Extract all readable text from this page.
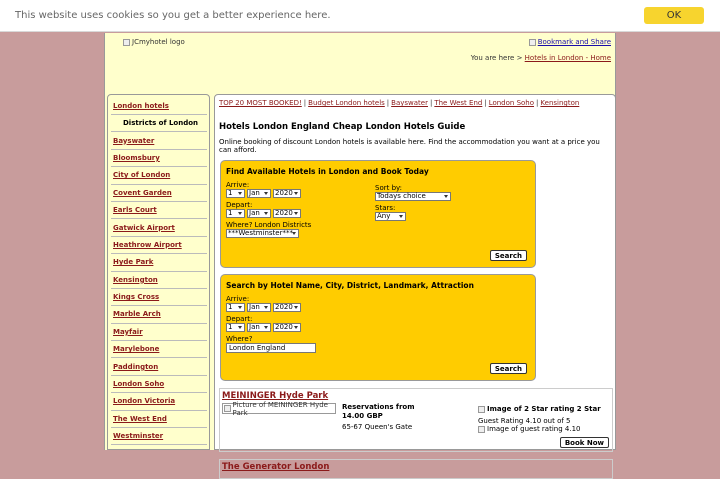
This website uses cookies so you get a better experience here.	OK
JCmyhotel logo	Bookmark and Share
You are here > Hotels in London - Home
London hotels
Districts of London
Bayswater
Bloomsbury
City of London
Covent Garden
Earls Court
Gatwick Airport
Heathrow Airport
Hyde Park
Kensington
Kings Cross
Marble Arch
Mayfair
Marylebone
Paddington
London Soho
London Victoria
The West End
Westminster
TOP 20 MOST BOOKED! | Budget London hotels | Bayswater | The West End | London Soho | Kensington
Hotels London England Cheap London Hotels Guide
Online booking of discount London hotels is available here. Find the accommodation you want at a price you can afford.
Find Available Hotels in London and Book Today
Sort by:
Todays choice
Stars:
Any
Arrive:
1 Jan 2020
Depart:
1 Jan 2020
Where? London Districts
***Westminster***
Search
Search by Hotel Name, City, District, Landmark, Attraction
Arrive:
1 Jan 2020
Depart:
1 Jan 2020
Where?
London England
Search
MEININGER Hyde Park
Picture of MEININGER Hyde Park
Reservations from
14.00 GBP
65-67 Queen's Gate
Image of 2 Star rating 2 Star
Guest Rating 4.10 out of 5
Image of guest rating 4.10
Book Now
The Generator London
